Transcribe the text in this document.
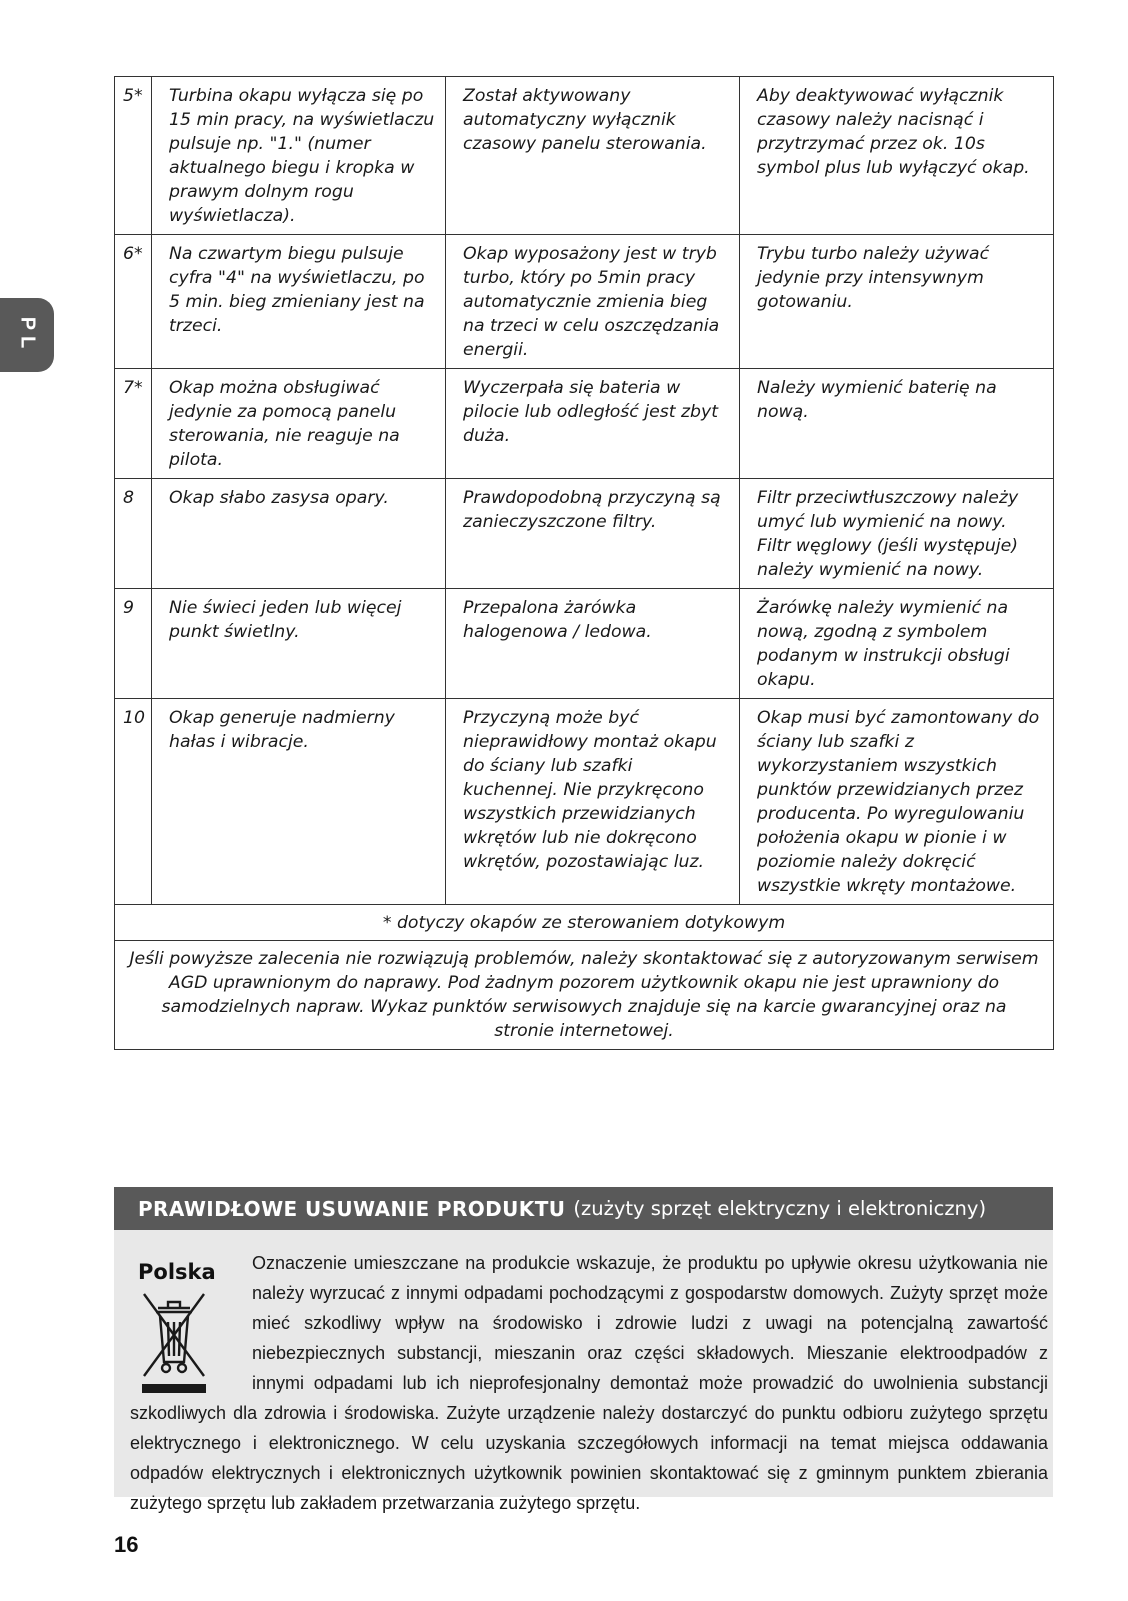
PL
5*	Turbina okapu wyłącza się po 15 min pracy, na wyświetlaczu pulsuje np. "1." (numer aktualnego biegu i kropka w prawym dolnym rogu wyświetlacza).	Został aktywowany automatyczny wyłącznik czasowy panelu sterowania.	Aby deaktywować wyłącznik czasowy należy nacisnąć i przytrzymać przez ok. 10s symbol plus lub wyłączyć okap.
6*	Na czwartym biegu pulsuje cyfra "4" na wyświetlaczu, po 5 min. bieg zmieniany jest na trzeci.	Okap wyposażony jest w tryb turbo, który po 5min pracy automatycznie zmienia bieg na trzeci w celu oszczędzania energii.	Trybu turbo należy używać jedynie przy intensywnym gotowaniu.
7*	Okap można obsługiwać jedynie za pomocą panelu sterowania, nie reaguje na pilota.	Wyczerpała się bateria w pilocie lub odległość jest zbyt duża.	Należy wymienić baterię na nową.
8	Okap słabo zasysa opary.	Prawdopodobną przyczyną są zanieczyszczone filtry.	Filtr przeciwtłuszczowy należy umyć lub wymienić na nowy. Filtr węglowy (jeśli występuje) należy wymienić na nowy.
9	Nie świeci jeden lub więcej punkt świetlny.	Przepalona żarówka halogenowa / ledowa.	Żarówkę należy wymienić na nową, zgodną z symbolem podanym w instrukcji obsługi okapu.
10	Okap generuje nadmierny hałas i wibracje.	Przyczyną może być nieprawidłowy montaż okapu do ściany lub szafki kuchennej. Nie przykręcono wszystkich przewidzianych wkrętów lub nie dokręcono wkrętów, pozostawiając luz.	Okap musi być zamontowany do ściany lub szafki z wykorzystaniem wszystkich punktów przewidzianych przez producenta. Po wyregulowaniu położenia okapu w pionie i w poziomie należy dokręcić wszystkie wkręty montażowe.
* dotyczy okapów ze sterowaniem dotykowym			
Jeśli powyższe zalecenia nie rozwiązują problemów, należy skontaktować się z autoryzowanym serwisem AGD uprawnionym do naprawy. Pod żadnym pozorem użytkownik okapu nie jest uprawniony do samodzielnych napraw. Wykaz punktów serwisowych znajduje się na karcie gwarancyjnej oraz na stronie internetowej.			
PRAWIDŁOWE USUWANIE PRODUKTU (zużyty sprzęt elektryczny i elektroniczny)
Oznaczenie umieszczane na produkcie wskazuje, że produktu po upływie okresu użytkowania nie należy wyrzucać z innymi odpadami pochodzącymi z gospodarstw domowych. Zużyty sprzęt może mieć szkodliwy wpływ na środowisko i zdrowie ludzi z uwagi na potencjalną zawartość niebezpiecznych substancji, mieszanin oraz części składowych. Mieszanie elektroodpadów z innymi odpadami lub ich nieprofesjonalny demontaż może prowadzić do uwolnienia substancji szkodliwych dla zdrowia i środowiska. Zużyte urządzenie należy dostarczyć do punktu odbioru zużytego sprzętu elektrycznego i elektronicznego. W celu uzyskania szczegółowych informacji na temat miejsca oddawania odpadów elektrycznych i elektronicznych użytkownik powinien skontaktować się z gminnym punktem zbierania zużytego sprzętu lub zakładem przetwarzania zużytego sprzętu.
Polska
16
